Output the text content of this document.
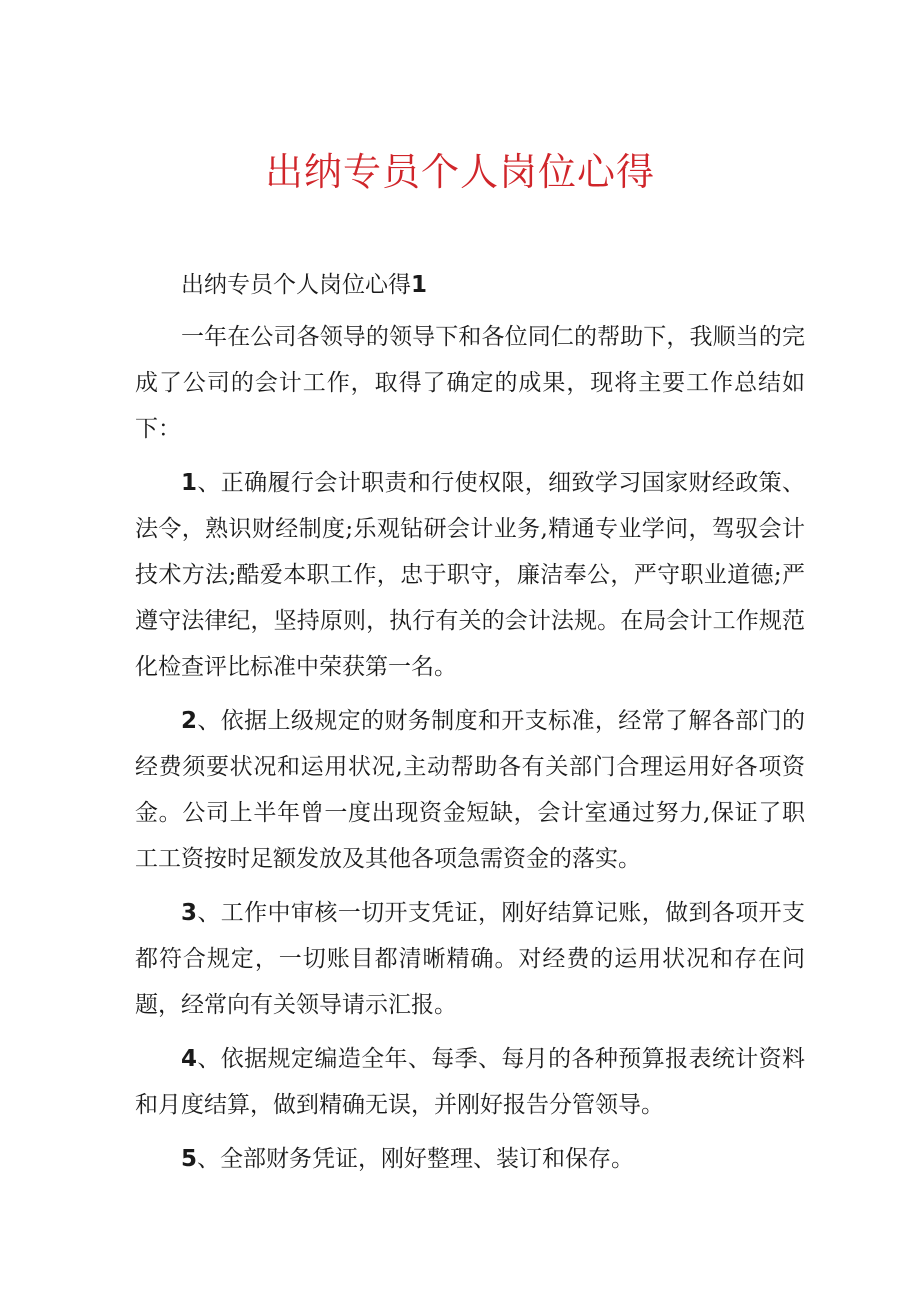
出纳专员个人岗位心得

出纳专员个人岗位心得1

一年在公司各领导的领导下和各位同仁的帮助下，我顺当的完成了公司的会计工作，取得了确定的成果，现将主要工作总结如下：

1、正确履行会计职责和行使权限，细致学习国家财经政策、法令，熟识财经制度;乐观钻研会计业务,精通专业学问，驾驭会计技术方法;酷爱本职工作，忠于职守，廉洁奉公，严守职业道德;严遵守法律纪，坚持原则，执行有关的会计法规。在局会计工作规范化检查评比标准中荣获第一名。

2、依据上级规定的财务制度和开支标准，经常了解各部门的经费须要状况和运用状况,主动帮助各有关部门合理运用好各项资金。公司上半年曾一度出现资金短缺，会计室通过努力,保证了职工工资按时足额发放及其他各项急需资金的落实。

3、工作中审核一切开支凭证，刚好结算记账，做到各项开支都符合规定，一切账目都清晰精确。对经费的运用状况和存在问题，经常向有关领导请示汇报。

4、依据规定编造全年、每季、每月的各种预算报表统计资料和月度结算，做到精确无误，并刚好报告分管领导。

5、全部财务凭证，刚好整理、装订和保存。
